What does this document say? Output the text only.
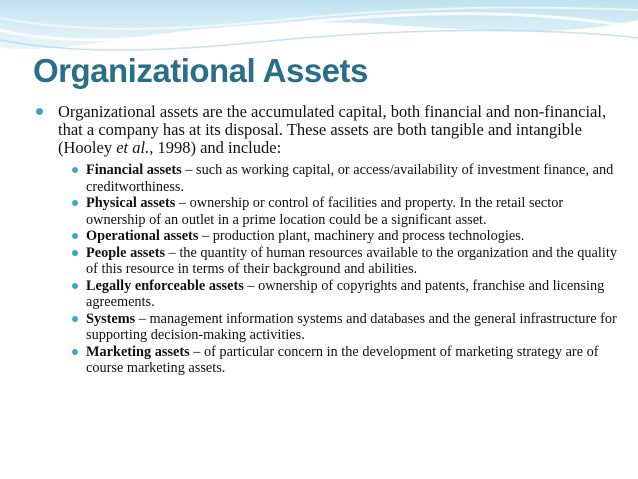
Organizational Assets
Organizational assets are the accumulated capital, both financial and non-financial, that a company has at its disposal. These assets are both tangible and intangible (Hooley et al., 1998) and include:
Financial assets – such as working capital, or access/availability of investment finance, and creditworthiness.
Physical assets – ownership or control of facilities and property. In the retail sector ownership of an outlet in a prime location could be a significant asset.
Operational assets – production plant, machinery and process technologies.
People assets – the quantity of human resources available to the organization and the quality of this resource in terms of their background and abilities.
Legally enforceable assets – ownership of copyrights and patents, franchise and licensing agreements.
Systems – management information systems and databases and the general infrastructure for supporting decision-making activities.
Marketing assets – of particular concern in the development of marketing strategy are of course marketing assets.
